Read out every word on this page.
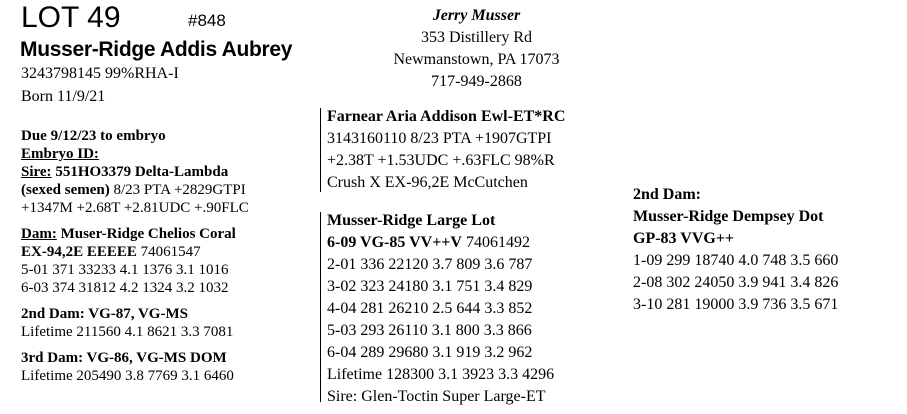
LOT 49	#848
Musser-Ridge Addis Aubrey
3243798145 99%RHA-I
Born 11/9/21
Jerry Musser
353 Distillery Rd
Newmanstown, PA 17073
717-949-2868
Due 9/12/23 to embryo
Embryo ID:
Sire: 551HO3379 Delta-Lambda
(sexed semen) 8/23 PTA +2829GTPI
+1347M +2.68T +2.81UDC +.90FLC
Dam: Muser-Ridge Chelios Coral
EX-94,2E EEEEE 74061547
5-01 371 33233 4.1 1376 3.1 1016
6-03 374 31812 4.2 1324 3.2 1032
2nd Dam: VG-87, VG-MS
Lifetime 211560 4.1 8621 3.3 7081
3rd Dam: VG-86, VG-MS DOM
Lifetime 205490 3.8 7769 3.1 6460
Farnear Aria Addison Ewl-ET*RC
3143160110 8/23 PTA +1907GTPI
+2.38T +1.53UDC +.63FLC 98%R
Crush X EX-96,2E McCutchen
Musser-Ridge Large Lot
6-09 VG-85 VV++V 74061492
2-01 336 22120 3.7 809 3.6 787
3-02 323 24180 3.1 751 3.4 829
4-04 281 26210 2.5 644 3.3 852
5-03 293 26110 3.1 800 3.3 866
6-04 289 29680 3.1 919 3.2 962
Lifetime 128300 3.1 3923 3.3 4296
Sire: Glen-Toctin Super Large-ET
2nd Dam:
Musser-Ridge Dempsey Dot
GP-83 VVG++
1-09 299 18740 4.0 748 3.5 660
2-08 302 24050 3.9 941 3.4 826
3-10 281 19000 3.9 736 3.5 671
